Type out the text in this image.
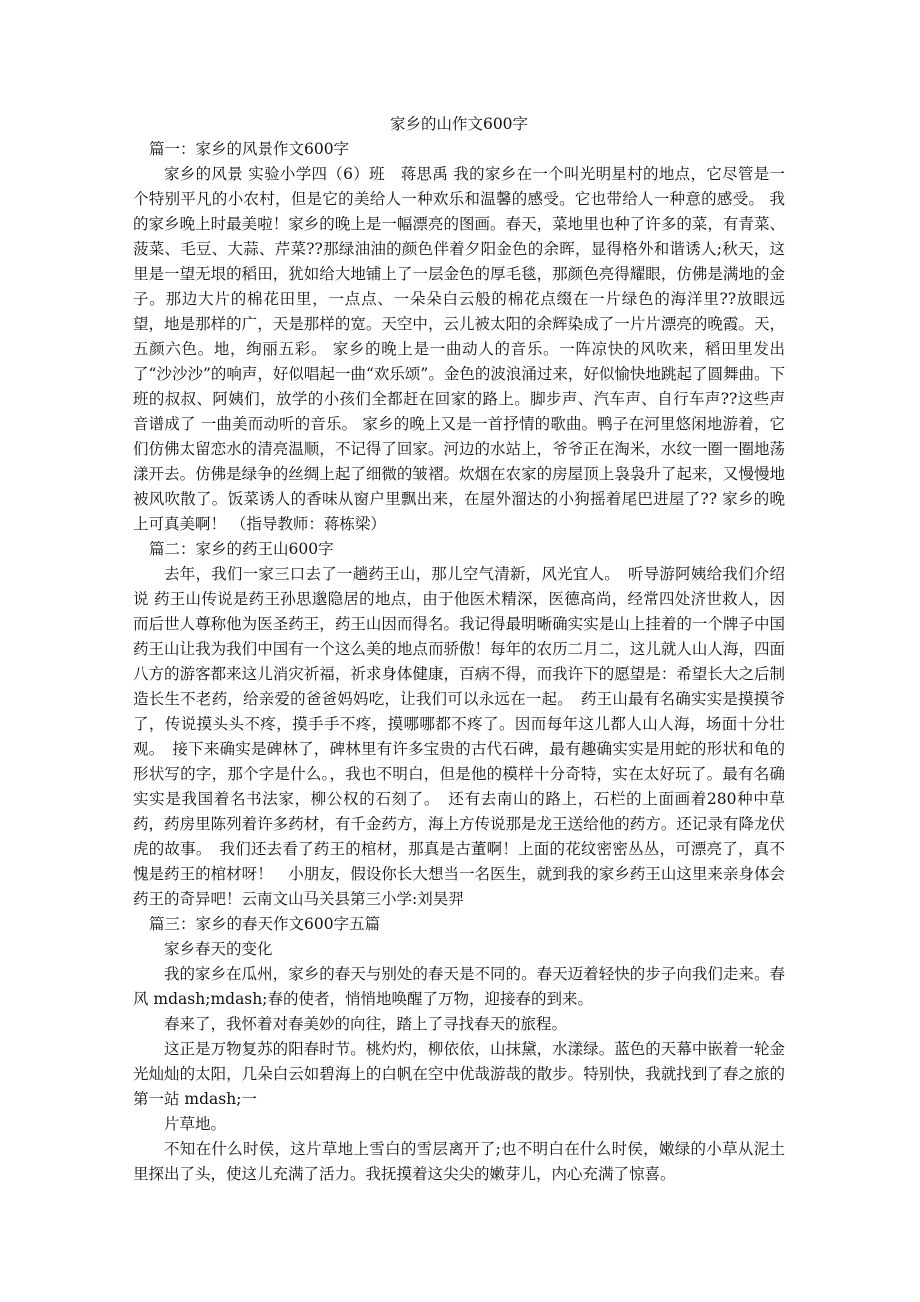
家乡的山作文600字
篇一：家乡的风景作文600字

家乡的风景 实验小学四（6）班　蒋思禹 我的家乡在一个叫光明星村的地点，它尽管是一个特别平凡的小农村，但是它的美给人一种欢乐和温馨的感受。它也带给人一种意的感受。 我的家乡晚上时最美啦！家乡的晚上是一幅漂亮的图画。春天，菜地里也种了许多的菜，有青菜、菠菜、毛豆、大蒜、芹菜??那绿油油的颜色伴着夕阳金色的余晖，显得格外和谐诱人;秋天，这里是一望无垠的稻田，犹如给大地铺上了一层金色的厚毛毯，那颜色亮得耀眼，仿佛是满地的金子。那边大片的棉花田里，一点点、一朵朵白云般的棉花点缀在一片绿色的海洋里??放眼远望，地是那样的广，天是那样的宽。天空中，云儿被太阳的余辉染成了一片片漂亮的晚霞。天，五颜六色。地，绚丽五彩。 家乡的晚上是一曲动人的音乐。一阵凉快的风吹来，稻田里发出了“沙沙沙”的响声，好似唱起一曲“欢乐颂”。金色的波浪涌过来，好似愉快地跳起了圆舞曲。下班的叔叔、阿姨们，放学的小孩们全都赶在回家的路上。脚步声、汽车声、自行车声??这些声音谱成了 一曲美而动听的音乐。 家乡的晚上又是一首抒情的歌曲。鸭子在河里悠闲地游着，它们仿佛太留恋水的清亮温顺，不记得了回家。河边的水站上，爷爷正在淘米，水纹一圈一圈地荡漾开去。仿佛是绿争的丝绸上起了细微的皱褶。炊烟在农家的房屋顶上袅袅升了起来，又慢慢地被风吹散了。饭菜诱人的香味从窗户里飘出来，在屋外溜达的小狗摇着尾巴进屋了?? 家乡的晚上可真美啊！ （指导教师：蒋栋梁）

篇二：家乡的药王山600字

去年，我们一家三口去了一趟药王山，那儿空气清新，风光宜人。　听导游阿姨给我们介绍说 药王山传说是药王孙思邈隐居的地点，由于他医术精深，医德高尚，经常四处济世救人，因而后世人尊称他为医圣药王，药王山因而得名。我记得最明晰确实实是山上挂着的一个牌子中国药王山让我为我们中国有一个这么美的地点而骄傲！每年的农历二月二，这儿就人山人海，四面八方的游客都来这儿消灾祈福，祈求身体健康，百病不得，而我许下的愿望是：希望长大之后制造长生不老药，给亲爱的爸爸妈妈吃，让我们可以永远在一起。　药王山最有名确实实是摸摸爷了，传说摸头头不疼，摸手手不疼，摸哪哪都不疼了。因而每年这儿都人山人海，场面十分壮观。　接下来确实是碑林了，碑林里有许多宝贵的古代石碑，最有趣确实实是用蛇的形状和龟的形状写的字，那个字是什么。，我也不明白，但是他的模样十分奇特，实在太好玩了。最有名确实实是我国着名书法家，柳公权的石刻了。　还有去南山的路上，石栏的上面画着280种中草药，药房里陈列着许多药材，有千金药方，海上方传说那是龙王送给他的药方。还记录有降龙伏虎的故事。　我们还去看了药王的棺材，那真是古董啊！上面的花纹密密丛丛，可漂亮了，真不愧是药王的棺材呀！　小朋友，假设你长大想当一名医生，就到我的家乡药王山这里来亲身体会药王的奇异吧！云南文山马关县第三小学:刘昊羿

篇三：家乡的春天作文600字五篇

家乡春天的变化

我的家乡在瓜州，家乡的春天与别处的春天是不同的。春天迈着轻快的步子向我们走来。春风 mdash;mdash;春的使者，悄悄地唤醒了万物，迎接春的到来。

春来了，我怀着对春美妙的向往，踏上了寻找春天的旅程。

这正是万物复苏的阳春时节。桃灼灼，柳依依，山抹黛，水漾绿。蓝色的天幕中嵌着一轮金光灿灿的太阳，几朵白云如碧海上的白帆在空中优哉游哉的散步。特别快，我就找到了春之旅的第一站 mdash;一

片草地。

不知在什么时侯，这片草地上雪白的雪层离开了;也不明白在什么时侯，嫩绿的小草从泥土里探出了头，使这儿充满了活力。我抚摸着这尖尖的嫩芽儿，内心充满了惊喜。
